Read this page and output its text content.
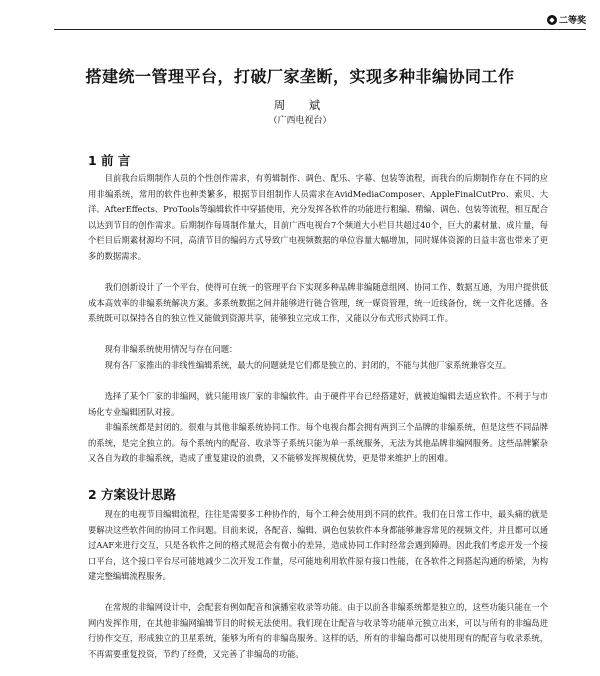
◆ 二等奖
搭建统一管理平台，打破厂家垄断，实现多种非编协同工作
周　斌
（广西电视台）
1 前 言

目前我台后期制作人员的个性创作需求，有剪辑制作、调色、配乐、字幕、包装等流程，而我台的后期制作存在不同的应用非编系统，常用的软件也种类繁多，根据节目组制作人员需求在AvidMediaComposer、AppleFinalCutPro、索贝、大洋、AfterEffects、ProTools等编辑软件中穿插使用，充分发挥各软件的功能进行粗编、精编、调色、包装等流程，相互配合以达到节目的创作需求。后期制作每周制作量大，目前广西电视台7个频道大小栏目共超过40个，巨大的素材量、成片量，每个栏目后期素材源均不同，高清节目的编码方式导致广电视频数据的单位容量大幅增加，同时媒体资源的日益丰富也带来了更多的数据需求。

我们创新设计了一个平台，使得可在统一的管理平台下实现多种品牌非编随意组网、协同工作、数据互通，为用户提供低成本高效率的非编系统解决方案。多系统数据之间并能够进行链合管理，统一媒资管理，统一近线备份，统一文件化送播。各系统既可以保持各自的独立性又能做到资源共享，能够独立完成工作，又能以分布式形式协同工作。

现有非编系统使用情况与存在问题：

现有各厂家推出的非线性编辑系统，最大的问题就是它们都是独立的、封闭的，不能与其他厂家系统兼容交互。

选择了某个厂家的非编网，就只能用该厂家的非编软件。由于硬件平台已经搭建好，就被迫编辑去适应软件。不利于与市场化专业编辑团队对接。

非编系统都是封闭的。很难与其他非编系统协同工作。每个电视台都会拥有两到三个品牌的非编系统，但是这些不同品牌的系统，是完全独立的。每个系统内的配音、收录等子系统只能为单一系统服务，无法为其他品牌非编网服务。这些品牌繁杂又各自为政的非编系统，造成了重复建设的浪费，又不能够发挥规模优势，更是带来维护上的困难。

2 方案设计思路

现在的电视节目编辑流程，往往是需要多工种协作的，每个工种会使用到不同的软件。我们在日常工作中，最头痛的就是要解决这些软件间的协同工作问题。目前来说，各配音、编辑、调色包装软件本身都能够兼容常见的视频文件，并且都可以通过AAF来进行交互，只是各软件之间的格式规范会有微小的差异，造成协同工作时经常会遇到障碍。因此我们考虑开发一个接口平台，这个接口平台尽可能地减少二次开发工作量，尽可能地利用软件原有接口性能，在各软件之间搭起沟通的桥梁，为构建完整编辑流程服务。

在常规的非编网设计中，会配套有例如配音和演播室收录等功能。由于以前各非编系统都是独立的，这些功能只能在一个网内发挥作用，在其他非编网编辑节目的时候无法使用。我们现在让配音与收录等功能单元独立出来，可以与所有的非编岛进行协作交互，形成独立的卫星系统，能够为所有的非编岛服务。这样的话，所有的非编岛都可以使用现有的配音与收录系统，不再需要重复投资，节约了经费，又完善了非编岛的功能。
